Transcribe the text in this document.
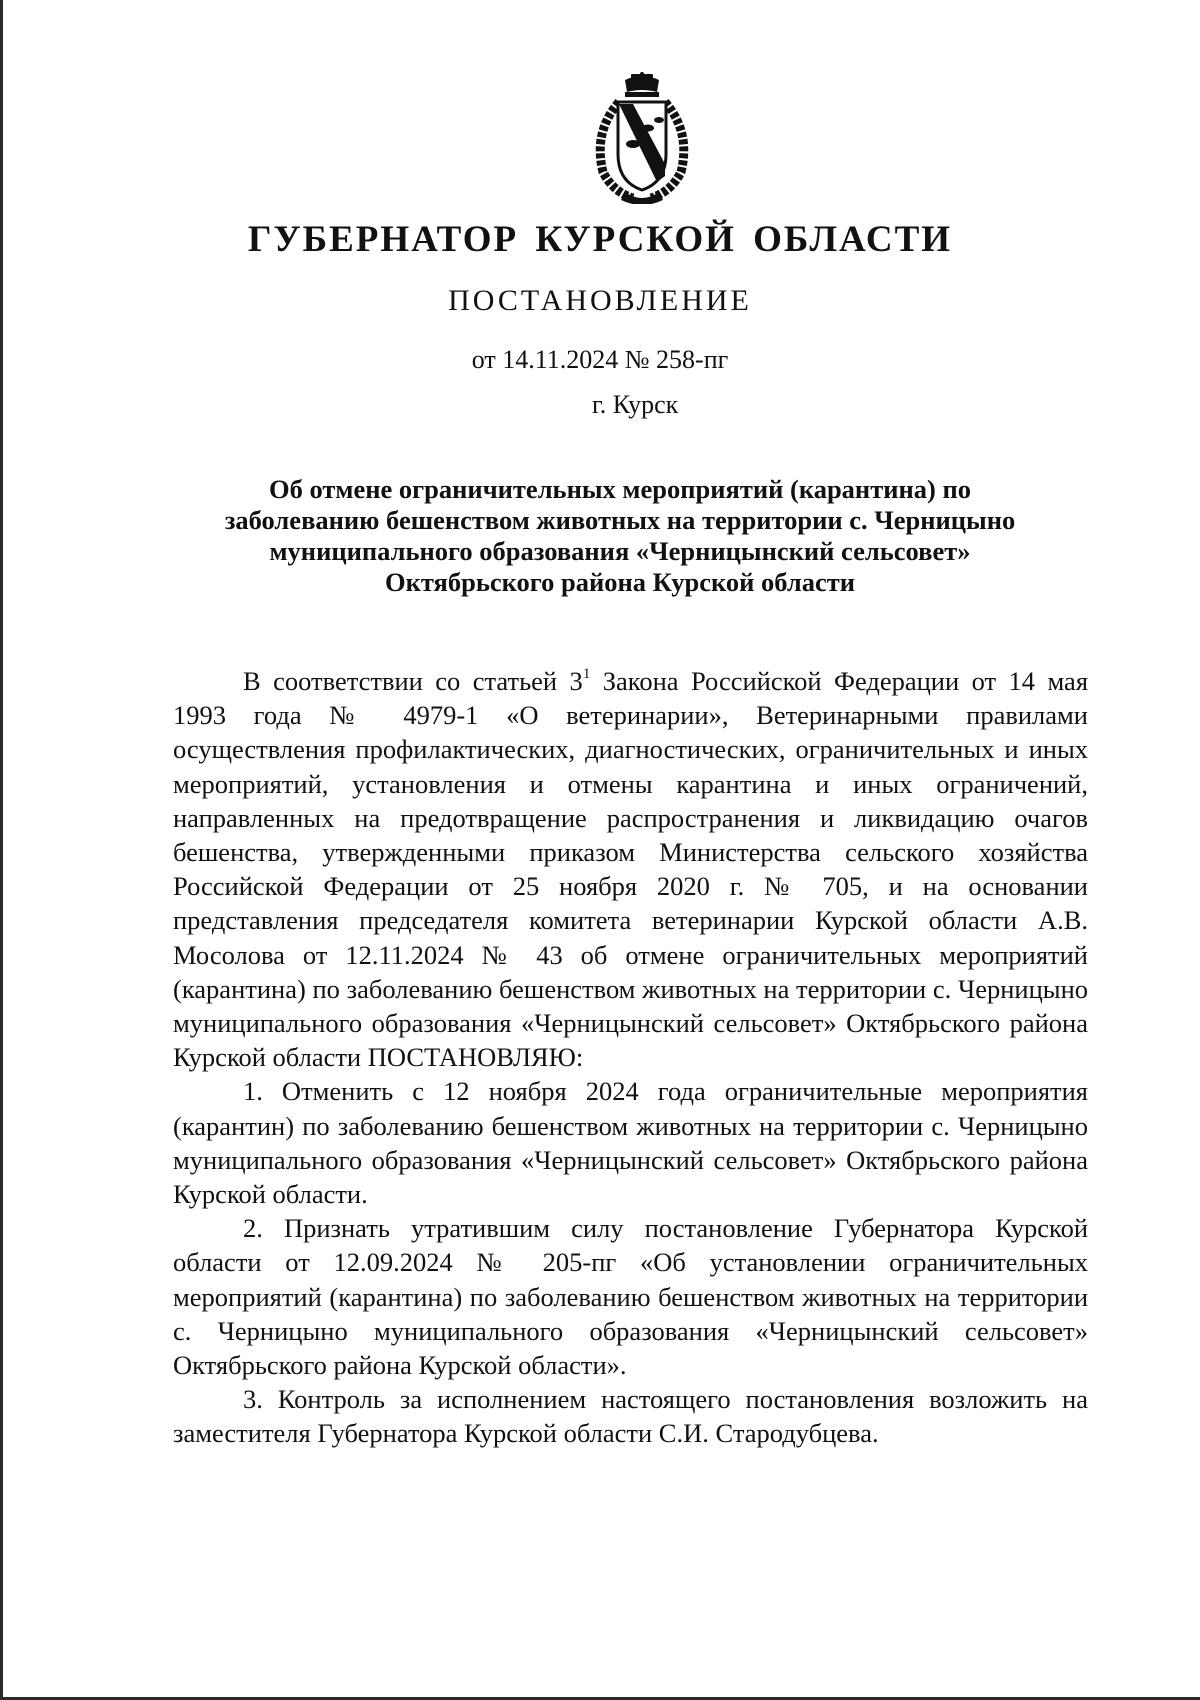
ГУБЕРНАТОР КУРСКОЙ ОБЛАСТИ
ПОСТАНОВЛЕНИЕ
от 14.11.2024 № 258-пг
г. Курск
Об отмене ограничительных мероприятий (карантина) по
заболеванию бешенством животных на территории с. Черницыно
муниципального образования «Черницынский сельсовет»
Октябрьского района Курской области

В соответствии со статьей $3^1$ Закона Российской Федерации от 14 мая 1993 года № 4979-1 «О ветеринарии», Ветеринарными правилами осуществления профилактических, диагностических, ограничительных и иных мероприятий, установления и отмены карантина и иных ограничений, направленных на предотвращение распространения и ликвидацию очагов бешенства, утвержденными приказом Министерства сельского хозяйства Российской Федерации от 25 ноября 2020 г. № 705, и на основании представления председателя комитета ветеринарии Курской области А.В. Мосолова от 12.11.2024 № 43 об отмене ограничительных мероприятий (карантина) по заболеванию бешенством животных на территории с. Черницыно муниципального образования «Черницынский сельсовет» Октябрьского района Курской области ПОСТАНОВЛЯЮ:

1. Отменить с 12 ноября 2024 года ограничительные мероприятия (карантин) по заболеванию бешенством животных на территории с. Черницыно муниципального образования «Черницынский сельсовет» Октябрьского района Курской области.

2. Признать утратившим силу постановление Губернатора Курской области от 12.09.2024 № 205-пг «Об установлении ограничительных мероприятий (карантина) по заболеванию бешенством животных на территории с. Черницыно муниципального образования «Черницынский сельсовет» Октябрьского района Курской области».

3. Контроль за исполнением настоящего постановления возложить на заместителя Губернатора Курской области С.И. Стародубцева.
